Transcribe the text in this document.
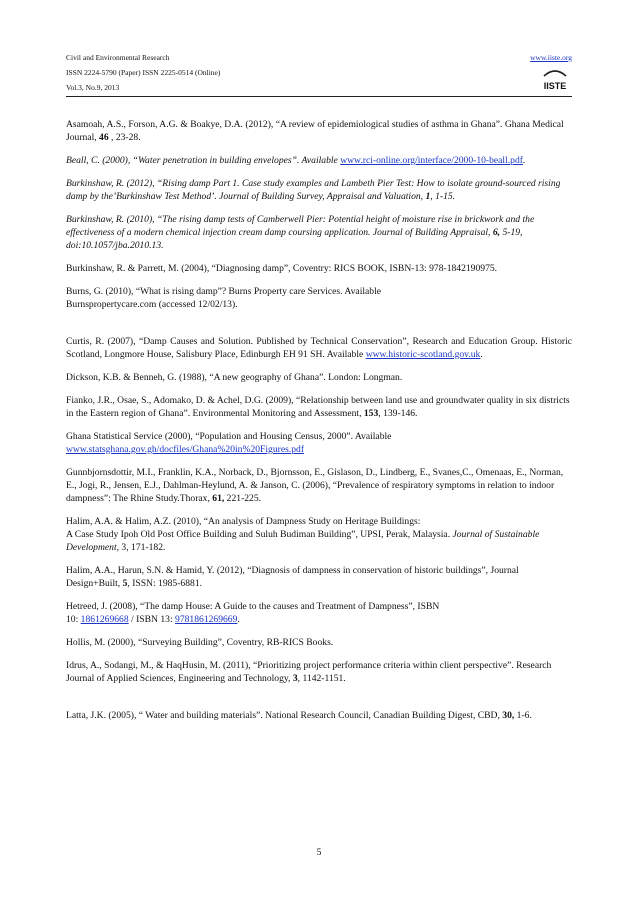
Civil and Environmental Research
ISSN 2224-5790 (Paper) ISSN 2225-0514 (Online)
Vol.3, No.9, 2013
www.iiste.org
IISTE

Asamoah, A.S., Forson, A.G. & Boakye, D.A. (2012), “A review of epidemiological studies of asthma in Ghana”. Ghana Medical Journal, 46 , 23-28.

Beall, C. (2000), “Water penetration in building envelopes”. Available www.rci-online.org/interface/2000-10-beall.pdf.

Burkinshaw, R. (2012), “Rising damp Part 1. Case study examples and Lambeth Pier Test: How to isolate ground-sourced rising damp by the’Burkinshaw Test Method’. Journal of Building Survey, Appraisal and Valuation, 1, 1-15.

Burkinshaw, R. (2010), “The rising damp tests of Camberwell Pier: Potential height of moisture rise in brickwork and the effectiveness of a modern chemical injection cream damp coursing application. Journal of Building Appraisal, 6, 5-19, doi:10.1057/jba.2010.13.

Burkinshaw, R. & Parrett, M. (2004), “Diagnosing damp”, Coventry: RICS BOOK, ISBN-13: 978-1842190975.

Burns, G. (2010), “What is rising damp”? Burns Property care Services. Available
Burnspropertycare.com (accessed 12/02/13).

Curtis, R. (2007), “Damp Causes and Solution. Published by Technical Conservation”, Research and Education Group. Historic Scotland, Longmore House, Salisbury Place, Edinburgh EH 91 SH. Available www.historic-scotland.gov.uk.

Dickson, K.B. & Benneh, G. (1988), “A new geography of Ghana”. London: Longman.

Fianko, J.R., Osae, S., Adomako, D. & Achel, D.G. (2009), “Relationship between land use and groundwater quality in six districts in the Eastern region of Ghana”. Environmental Monitoring and Assessment, 153, 139-146.

Ghana Statistical Service (2000), “Population and Housing Census, 2000”. Available
www.statsghana.gov.gh/docfiles/Ghana%20in%20Figures.pdf

Gunnbjornsdottir, M.I., Franklin, K.A., Norback, D., Bjornsson, E., Gislason, D., Lindberg, E., Svanes,C., Omenaas, E., Norman, E., Jogi, R., Jensen, E.J., Dahlman-Heylund, A. & Janson, C. (2006), “Prevalence of respiratory symptoms in relation to indoor dampness”: The Rhine Study.Thorax, 61, 221-225.

Halim, A.A. & Halim, A.Z. (2010), “An analysis of Dampness Study on Heritage Buildings:
A Case Study Ipoh Old Post Office Building and Suluh Budiman Building”, UPSI, Perak, Malaysia. Journal of Sustainable Development, 3, 171-182.

Halim, A.A., Harun, S.N. & Hamid, Y. (2012), “Diagnosis of dampness in conservation of historic buildings”, Journal Design+Built, 5, ISSN: 1985-6881.

Hetreed, J. (2008), “The damp House: A Guide to the causes and Treatment of Dampness”, ISBN
10: 1861269668 / ISBN 13: 9781861269669.

Hollis, M. (2000), “Surveying Building”, Coventry, RB-RICS Books.

Idrus, A., Sodangi, M., & HaqHusin, M. (2011), “Prioritizing project performance criteria within client perspective”. Research Journal of Applied Sciences, Engineering and Technology, 3, 1142-1151.

Latta, J.K. (2005), “ Water and building materials”. National Research Council, Canadian Building Digest, CBD, 30, 1-6.

5
